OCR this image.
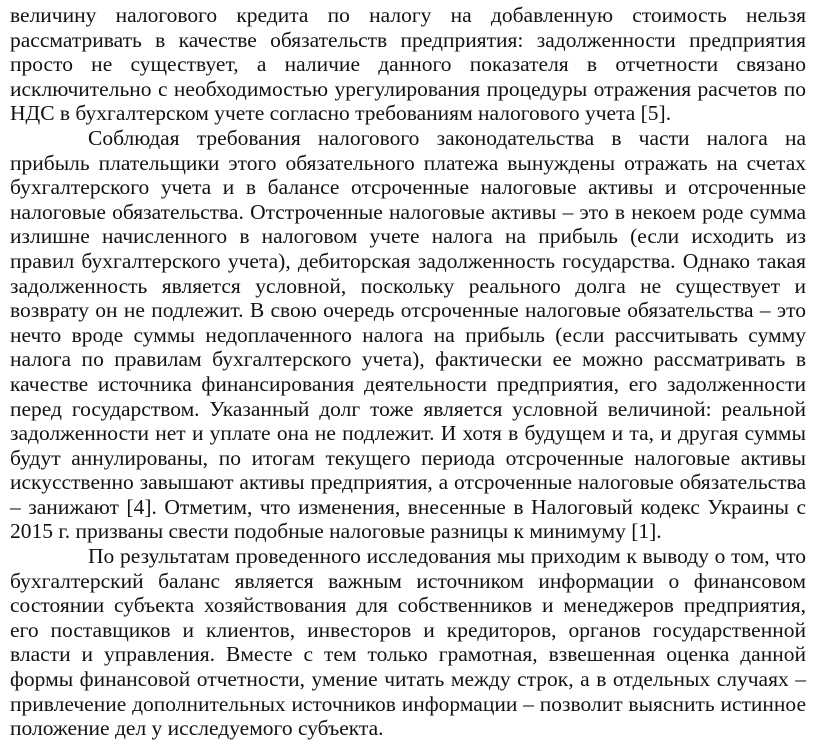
величину налогового кредита по налогу на добавленную стоимость нельзя рассматривать в качестве обязательств предприятия: задолженности предприятия просто не существует, а наличие данного показателя в отчетности связано исключительно с необходимостью урегулирования процедуры отражения расчетов по НДС в бухгалтерском учете согласно требованиям налогового учета [5].

Соблюдая требования налогового законодательства в части налога на прибыль плательщики этого обязательного платежа вынуждены отражать на счетах бухгалтерского учета и в балансе отсроченные налоговые активы и отсроченные налоговые обязательства. Отстроченные налоговые активы – это в некоем роде сумма излишне начисленного в налоговом учете налога на прибыль (если исходить из правил бухгалтерского учета), дебиторская задолженность государства. Однако такая задолженность является условной, поскольку реального долга не существует и возврату он не подлежит. В свою очередь отсроченные налоговые обязательства – это нечто вроде суммы недоплаченного налога на прибыль (если рассчитывать сумму налога по правилам бухгалтерского учета), фактически ее можно рассматривать в качестве источника финансирования деятельности предприятия, его задолженности перед государством. Указанный долг тоже является условной величиной: реальной задолженности нет и уплате она не подлежит. И хотя в будущем и та, и другая суммы будут аннулированы, по итогам текущего периода отсроченные налоговые активы искусственно завышают активы предприятия, а отсроченные налоговые обязательства – занижают [4]. Отметим, что изменения, внесенные в Налоговый кодекс Украины с 2015 г. призваны свести подобные налоговые разницы к минимуму [1].

По результатам проведенного исследования мы приходим к выводу о том, что бухгалтерский баланс является важным источником информации о финансовом состоянии субъекта хозяйствования для собственников и менеджеров предприятия, его поставщиков и клиентов, инвесторов и кредиторов, органов государственной власти и управления. Вместе с тем только грамотная, взвешенная оценка данной формы финансовой отчетности, умение читать между строк, а в отдельных случаях – привлечение дополнительных источников информации – позволит выяснить истинное положение дел у исследуемого субъекта.
